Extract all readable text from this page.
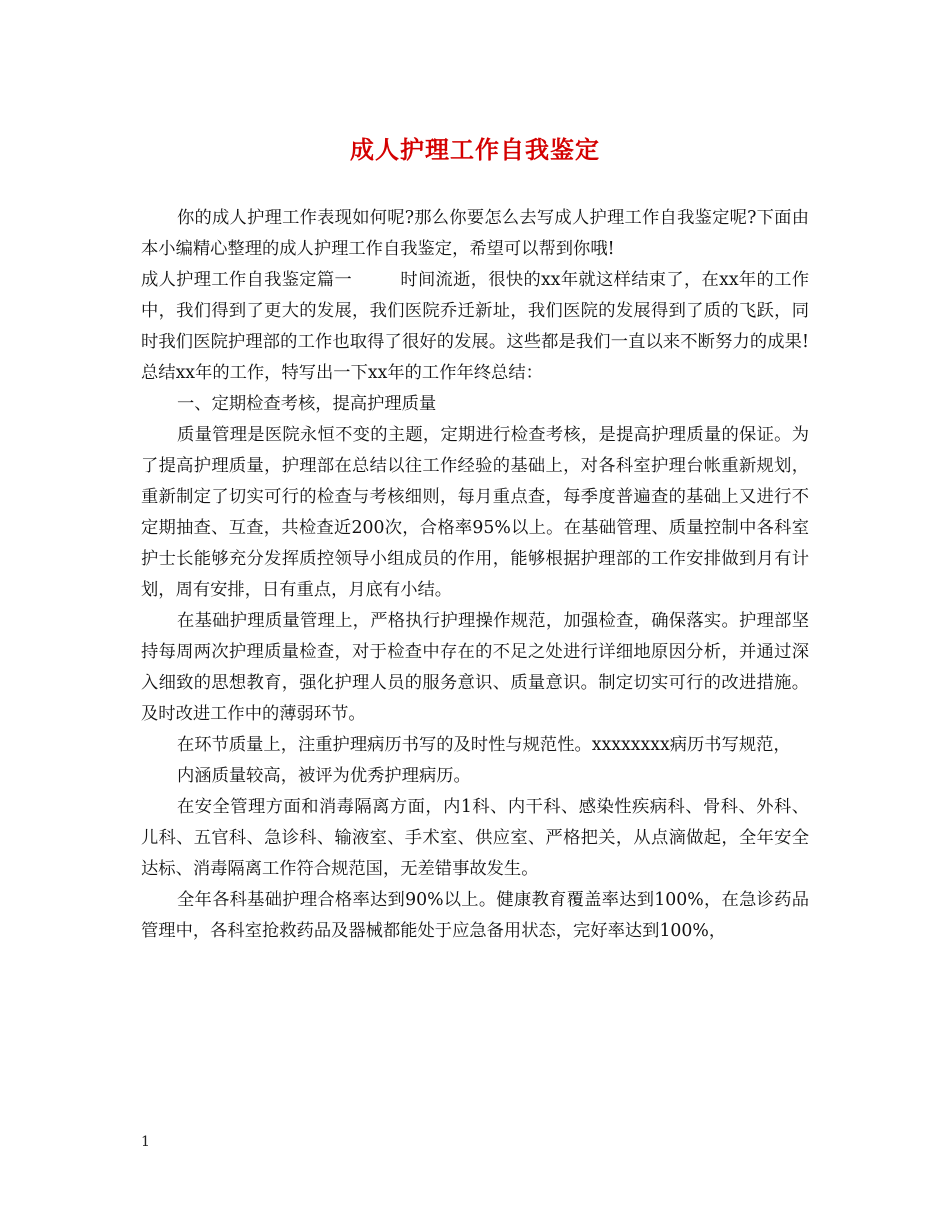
成人护理工作自我鉴定

你的成人护理工作表现如何呢?那么你要怎么去写成人护理工作自我鉴定呢?下面由本小编精心整理的成人护理工作自我鉴定，希望可以帮到你哦!

成人护理工作自我鉴定篇一	时间流逝，很快的xx年就这样结束了，在xx年的工作中，我们得到了更大的发展，我们医院乔迁新址，我们医院的发展得到了质的飞跃，同时我们医院护理部的工作也取得了很好的发展。这些都是我们一直以来不断努力的成果!总结xx年的工作，特写出一下xx年的工作年终总结：

一、定期检查考核，提高护理质量

质量管理是医院永恒不变的主题，定期进行检查考核，是提高护理质量的保证。为了提高护理质量，护理部在总结以往工作经验的基础上，对各科室护理台帐重新规划，重新制定了切实可行的检查与考核细则，每月重点查，每季度普遍查的基础上又进行不定期抽查、互查，共检查近200次，合格率95%以上。在基础管理、质量控制中各科室护士长能够充分发挥质控领导小组成员的作用，能够根据护理部的工作安排做到月有计划，周有安排，日有重点，月底有小结。

在基础护理质量管理上，严格执行护理操作规范，加强检查，确保落实。护理部坚持每周两次护理质量检查，对于检查中存在的不足之处进行详细地原因分析，并通过深入细致的思想教育，强化护理人员的服务意识、质量意识。制定切实可行的改进措施。及时改进工作中的薄弱环节。

在环节质量上，注重护理病历书写的及时性与规范性。xxxxxxxx病历书写规范，

内涵质量较高，被评为优秀护理病历。

在安全管理方面和消毒隔离方面，内1科、内干科、感染性疾病科、骨科、外科、儿科、五官科、急诊科、输液室、手术室、供应室、严格把关，从点滴做起，全年安全达标、消毒隔离工作符合规范国，无差错事故发生。

全年各科基础护理合格率达到90%以上。健康教育覆盖率达到100%，在急诊药品管理中，各科室抢救药品及器械都能处于应急备用状态，完好率达到100%，

1
